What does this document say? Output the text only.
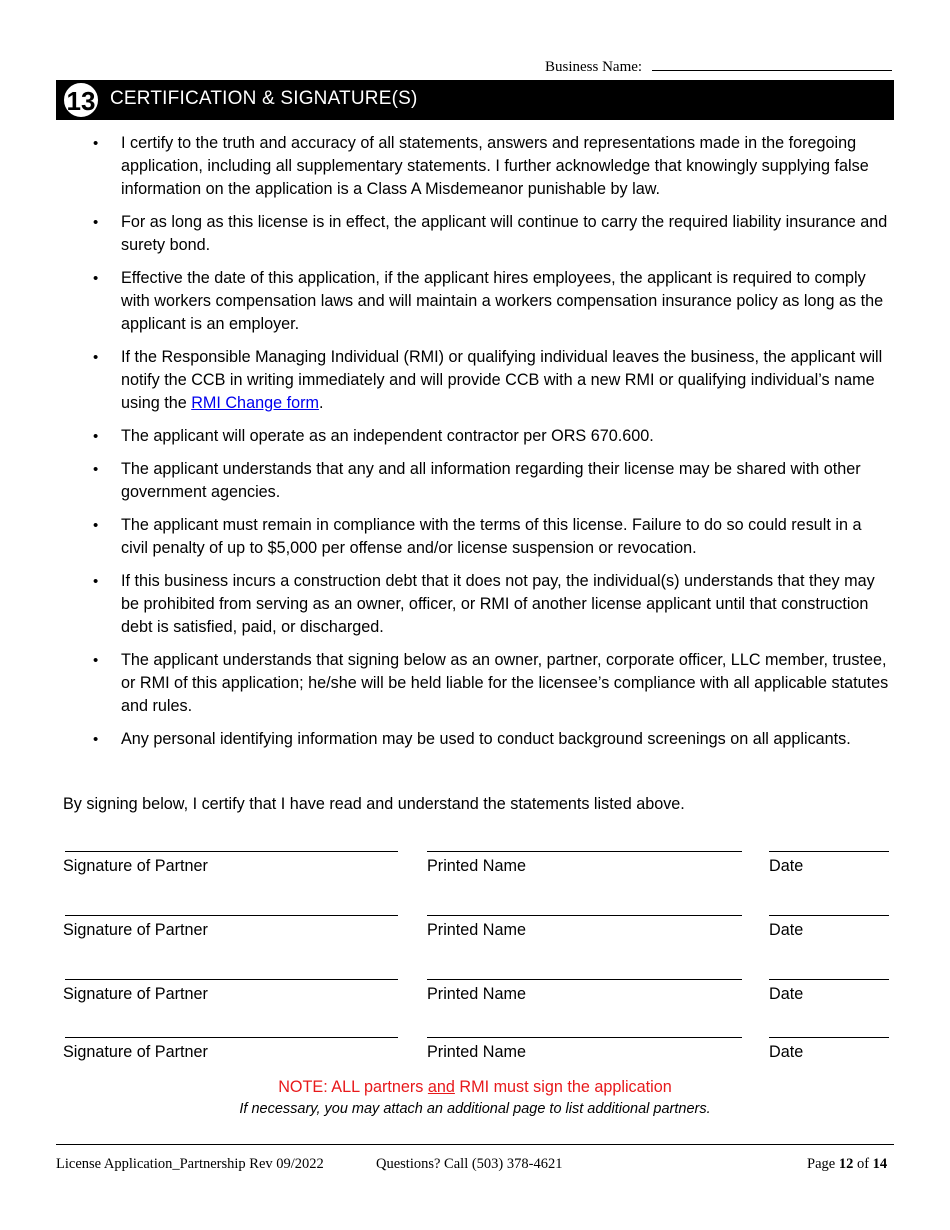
Business Name:
13 CERTIFICATION & SIGNATURE(S)
• I certify to the truth and accuracy of all statements, answers and representations made in the foregoing application, including all supplementary statements. I further acknowledge that knowingly supplying false information on the application is a Class A Misdemeanor punishable by law.
• For as long as this license is in effect, the applicant will continue to carry the required liability insurance and surety bond.
• Effective the date of this application, if the applicant hires employees, the applicant is required to comply with workers compensation laws and will maintain a workers compensation insurance policy as long as the applicant is an employer.
• If the Responsible Managing Individual (RMI) or qualifying individual leaves the business, the applicant will notify the CCB in writing immediately and will provide CCB with a new RMI or qualifying individual’s name using the RMI Change form.
• The applicant will operate as an independent contractor per ORS 670.600.
• The applicant understands that any and all information regarding their license may be shared with other government agencies.
• The applicant must remain in compliance with the terms of this license. Failure to do so could result in a civil penalty of up to $5,000 per offense and/or license suspension or revocation.
• If this business incurs a construction debt that it does not pay, the individual(s) understands that they may be prohibited from serving as an owner, officer, or RMI of another license applicant until that construction debt is satisfied, paid, or discharged.
• The applicant understands that signing below as an owner, partner, corporate officer, LLC member, trustee, or RMI of this application; he/she will be held liable for the licensee’s compliance with all applicable statutes and rules.
• Any personal identifying information may be used to conduct background screenings on all applicants.
By signing below, I certify that I have read and understand the statements listed above.
Signature of Partner	Printed Name	Date
Signature of Partner	Printed Name	Date
Signature of Partner	Printed Name	Date
Signature of Partner	Printed Name	Date
NOTE: ALL partners and RMI must sign the application
If necessary, you may attach an additional page to list additional partners.
License Application_Partnership Rev 09/2022	Questions? Call (503) 378-4621	Page 12 of 14
